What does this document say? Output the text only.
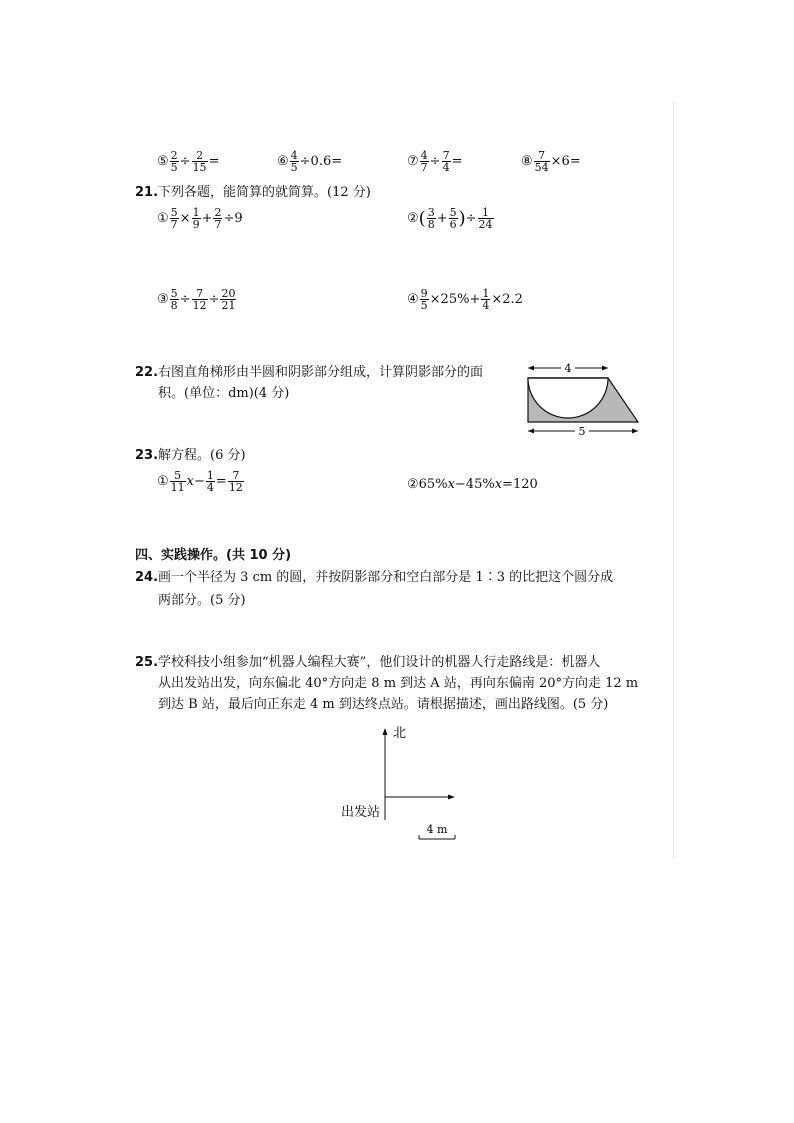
⑤ $\frac{2}{5} \div \frac{2}{15}$ =	⑥ $\frac{4}{5} \div 0.6=$	⑦ $\frac{4}{7} \div \frac{7}{4}$ =	⑧ $\frac{7}{54} \times 6=$
21.下列各题，能简算的就简算。(12 分)
① $\frac{5}{7} \times \frac{1}{9} + \frac{2}{7} \div 9$	② ( $\frac{3}{8} + \frac{5}{6}$ ) ÷ $\frac{1}{24}$
③ $\frac{5}{8} \div \frac{7}{12} \div \frac{20}{21}$	④ $\frac{9}{5} \times 25\%+ \frac{1}{4} \times 2.2$
22.右图直角梯形由半圆和阴影部分组成，计算阴影部分的面
积。(单位：dm)(4 分)
4
5
23.解方程。(6 分)
① $\frac{5}{11}$ $x - \frac{1}{4} = \frac{7}{12}$	② 65% x −45% x =120
四、实践操作。(共 10 分)
24.画一个半径为 3 cm 的圆，并按阴影部分和空白部分是 1∶3 的比把这个圆分成
两部分。(5 分)
25.学校科技小组参加“机器人编程大赛”，他们设计的机器人行走路线是：机器人
从出发站出发，向东偏北 40°方向走 8 m 到达 A 站，再向东偏南 20°方向走 12 m
到达 B 站，最后向正东走 4 m 到达终点站。请根据描述，画出路线图。(5 分)
北
出发站
4 m
